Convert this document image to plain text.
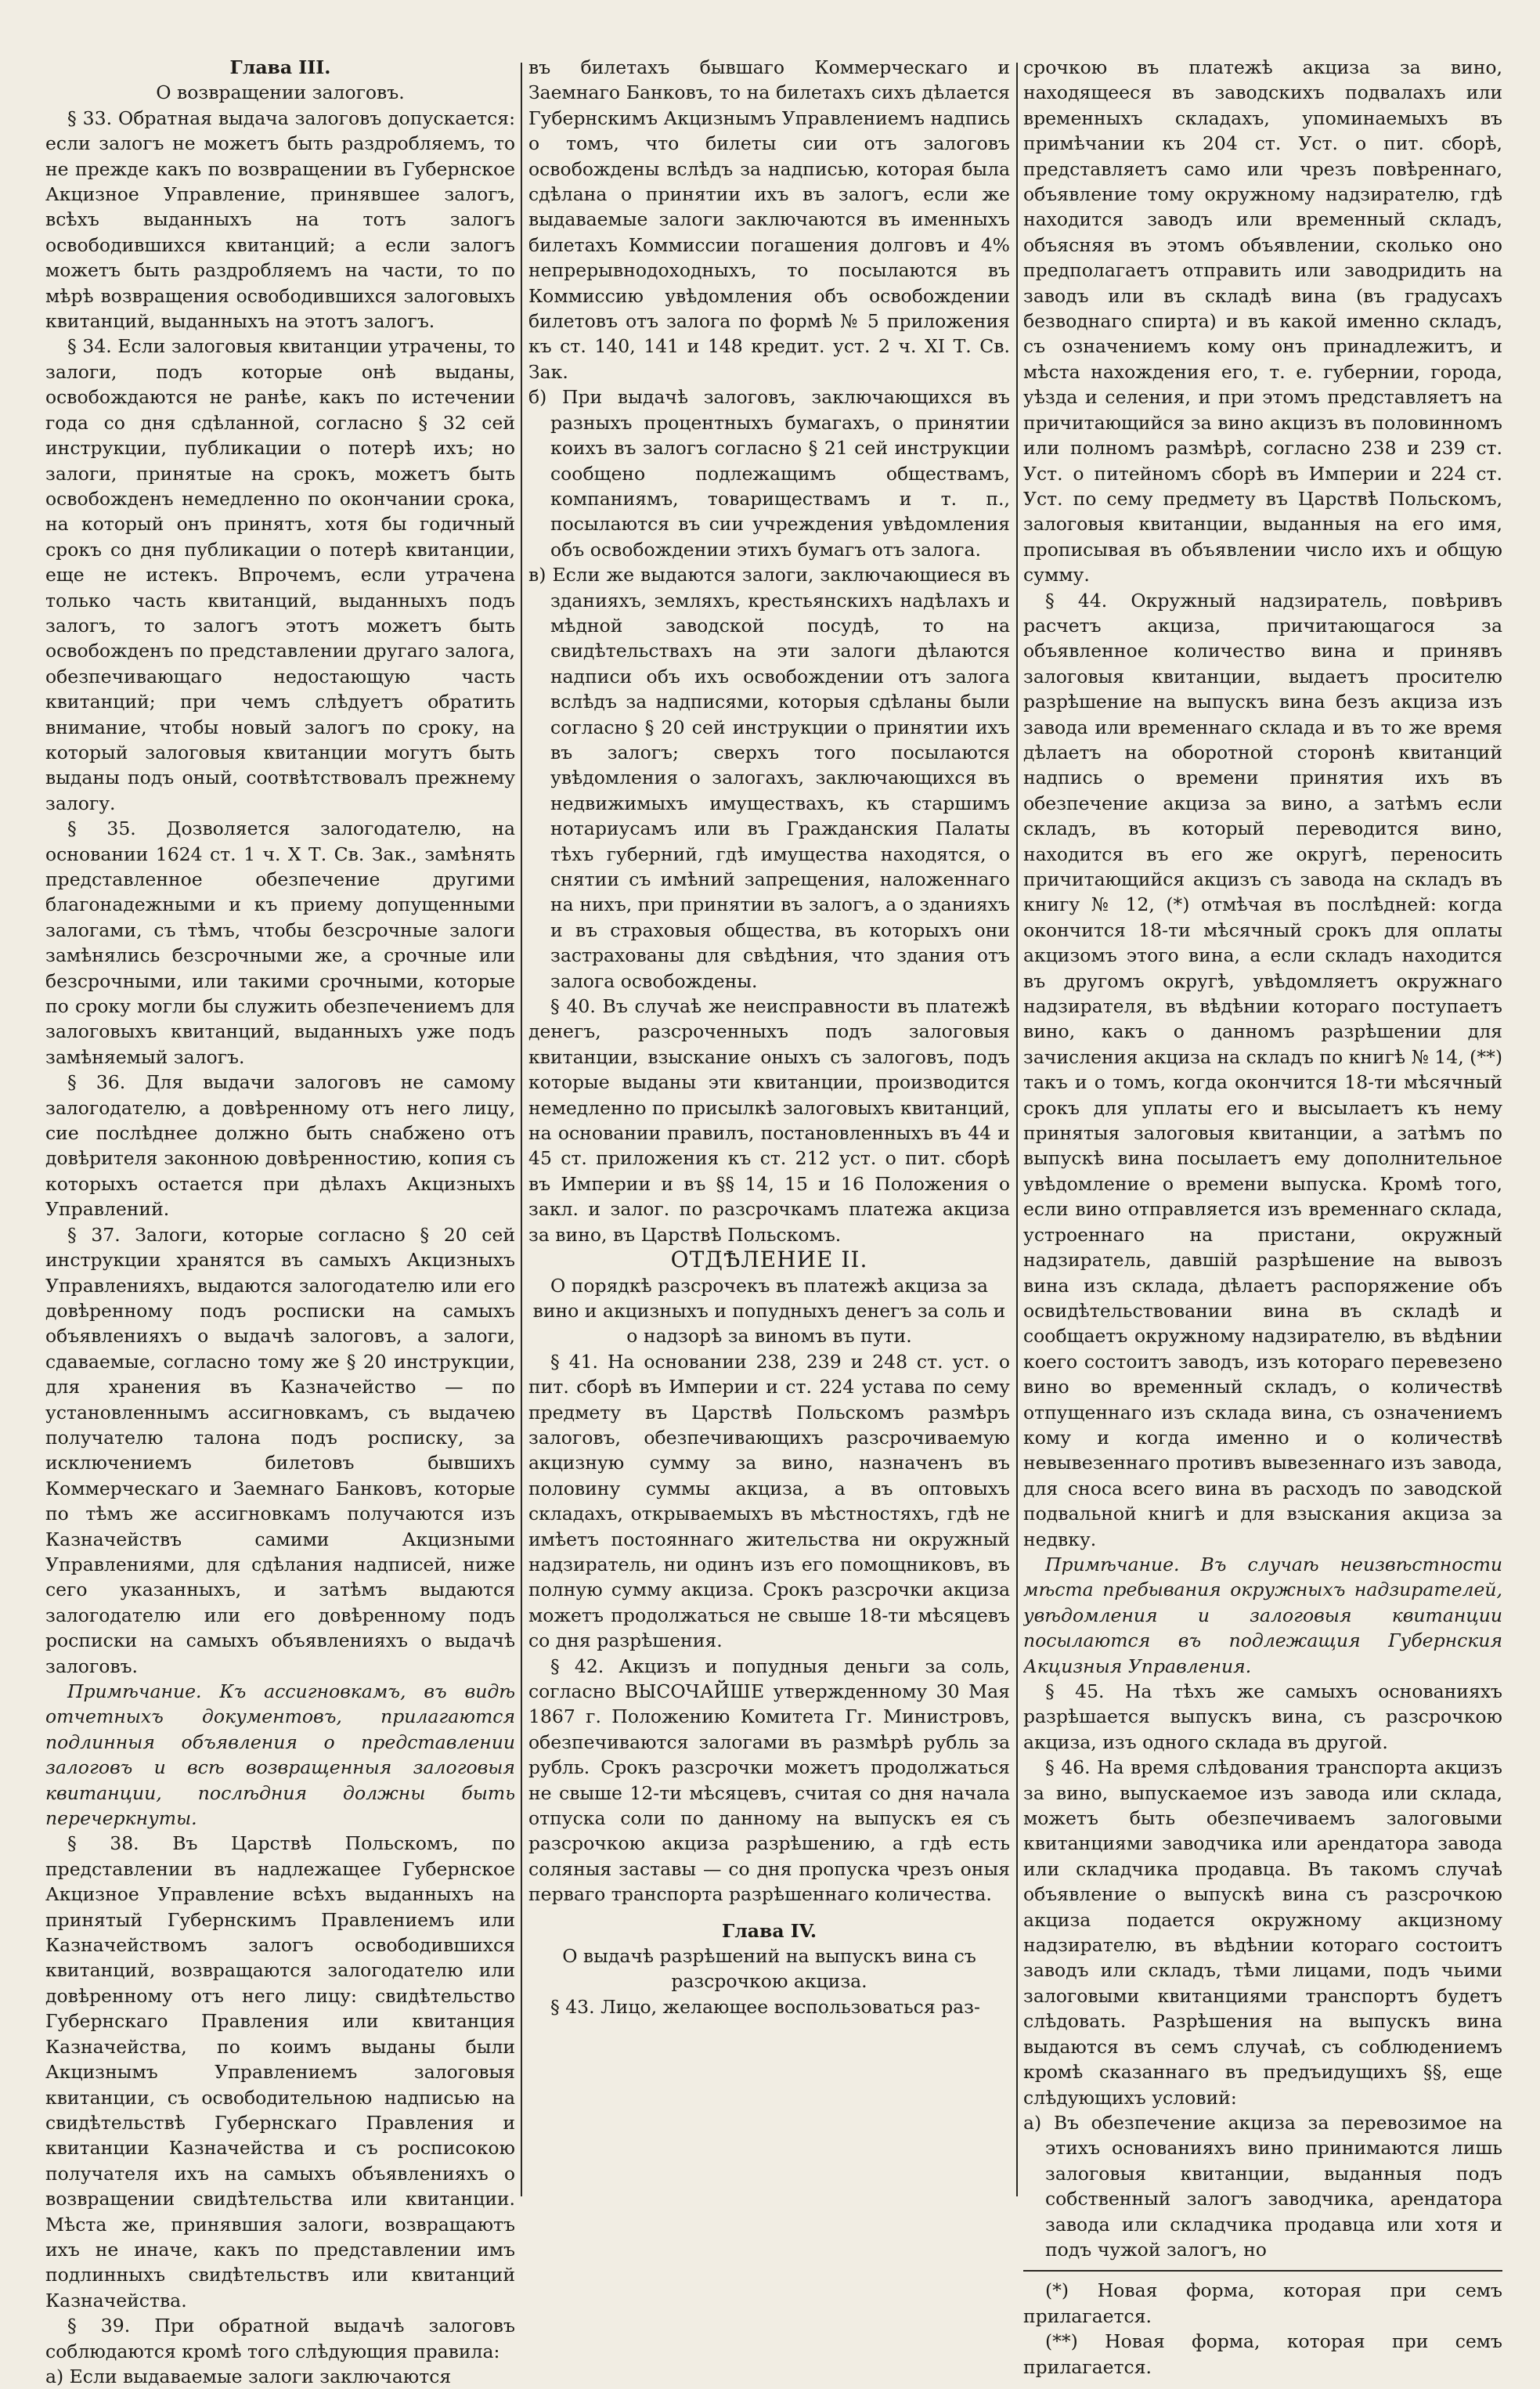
Глава III.

О возвращении залоговъ.

§ 33. Обратная выдача залоговъ допускается: если залогъ не можетъ быть раздробляемъ, то не прежде какъ по возвращении въ Губернское Акцизное Управление, принявшее залогъ, всѣхъ выданныхъ на тотъ залогъ освободившихся квитанций; а если залогъ можетъ быть раздробляемъ на части, то по мѣрѣ возвращения освободившихся залоговыхъ квитанций, выданныхъ на этотъ залогъ.

§ 34. Если залоговыя квитанции утрачены, то залоги, подъ которые онѣ выданы, освобождаются не ранѣе, какъ по истечении года со дня сдѣланной, согласно § 32 сей инструкции, публикации о потерѣ ихъ; но залоги, принятые на срокъ, можетъ быть освобожденъ немедленно по окончании срока, на который онъ принятъ, хотя бы годичный срокъ со дня публикации о потерѣ квитанции, еще не истекъ. Впрочемъ, если утрачена только часть квитанций, выданныхъ подъ залогъ, то залогъ этотъ можетъ быть освобожденъ по представлении другаго залога, обезпечивающаго недостающую часть квитанций; при чемъ слѣдуетъ обратить внимание, чтобы новый залогъ по сроку, на который залоговыя квитанции могутъ быть выданы подъ оный, соотвѣтствовалъ прежнему залогу.

§ 35. Дозволяется залогодателю, на основании 1624 ст. 1 ч. X Т. Св. Зак., замѣнять представленное обезпечение другими благонадежными и къ приему допущенными залогами, съ тѣмъ, чтобы безсрочные залоги замѣнялись безсрочными же, а срочные или безсрочными, или такими срочными, которые по сроку могли бы служить обезпечениемъ для залоговыхъ квитанций, выданныхъ уже подъ замѣняемый залогъ.

§ 36. Для выдачи залоговъ не самому залогодателю, а довѣренному отъ него лицу, сие послѣднее должно быть снабжено отъ довѣрителя законною довѣренностию, копия съ которыхъ остается при дѣлахъ Акцизныхъ Управлений.

§ 37. Залоги, которые согласно § 20 сей инструкции хранятся въ самыхъ Акцизныхъ Управленияхъ, выдаются залогодателю или его довѣренному подъ росписки на самыхъ объявленияхъ о выдачѣ залоговъ, а залоги, сдаваемые, согласно тому же § 20 инструкции, для хранения въ Казначейство — по установленнымъ ассигновкамъ, съ выдачею получателю талона подъ росписку, за исключениемъ билетовъ бывшихъ Коммерческаго и Заемнаго Банковъ, которые по тѣмъ же ассигновкамъ получаются изъ Казначействъ самими Акцизными Управлениями, для сдѣлания надписей, ниже сего указанныхъ, и затѣмъ выдаются залогодателю или его довѣренному подъ росписки на самыхъ объявленияхъ о выдачѣ залоговъ.

Примѣчание. Къ ассигновкамъ, въ видѣ отчетныхъ документовъ, прилагаются подлинныя объявления о представлении залоговъ и всѣ возвращенныя залоговыя квитанции, послѣдния должны быть перечеркнуты.

§ 38. Въ Царствѣ Польскомъ, по представлении въ надлежащее Губернское Акцизное Управление всѣхъ выданныхъ на принятый Губернскимъ Правлениемъ или Казначействомъ залогъ освободившихся квитанций, возвращаются залогодателю или довѣренному отъ него лицу: свидѣтельство Губернскаго Правления или квитанция Казначейства, по коимъ выданы были Акцизнымъ Управлениемъ залоговыя квитанции, съ освободительною надписью на свидѣтельствѣ Губернскаго Правления и квитанции Казначейства и съ росписокою получателя ихъ на самыхъ объявленияхъ о возвращении свидѣтельства или квитанции. Мѣста же, принявшия залоги, возвращаютъ ихъ не иначе, какъ по представлении имъ подлинныхъ свидѣтельствъ или квитанций Казначейства.

§ 39. При обратной выдачѣ залоговъ соблюдаются кромѣ того слѣдующия правила:

а) Если выдаваемые залоги заключаются

въ билетахъ бывшаго Коммерческаго и Заемнаго Банковъ, то на билетахъ сихъ дѣлается Губернскимъ Акцизнымъ Управлениемъ надпись о томъ, что билеты сии отъ залоговъ освобождены вслѣдъ за надписью, которая была сдѣлана о принятии ихъ въ залогъ, если же выдаваемые залоги заключаются въ именныхъ билетахъ Коммиссии погашения долговъ и 4% непрерывнодоходныхъ, то посылаются въ Коммиссию увѣдомления объ освобождении билетовъ отъ залога по формѣ № 5 приложения къ ст. 140, 141 и 148 кредит. уст. 2 ч. XI Т. Св. Зак.

б) При выдачѣ залоговъ, заключающихся въ разныхъ процентныхъ бумагахъ, о принятии коихъ въ залогъ согласно § 21 сей инструкции сообщено подлежащимъ обществамъ, компаниямъ, товариществамъ и т. п., посылаются въ сии учреждения увѣдомления объ освобождении этихъ бумагъ отъ залога.

в) Если же выдаются залоги, заключающиеся въ зданияхъ, земляхъ, крестьянскихъ надѣлахъ и мѣдной заводской посудѣ, то на свидѣтельствахъ на эти залоги дѣлаются надписи объ ихъ освобождении отъ залога вслѣдъ за надписями, которыя сдѣланы были согласно § 20 сей инструкции о принятии ихъ въ залогъ; сверхъ того посылаются увѣдомления о залогахъ, заключающихся въ недвижимыхъ имуществахъ, къ старшимъ нотариусамъ или въ Гражданския Палаты тѣхъ губерний, гдѣ имущества находятся, о снятии съ имѣний запрещения, наложеннаго на нихъ, при принятии въ залогъ, а о зданияхъ и въ страховыя общества, въ которыхъ они застрахованы для свѣдѣния, что здания отъ залога освобождены.

§ 40. Въ случаѣ же неисправности въ платежѣ денегъ, разсроченныхъ подъ залоговыя квитанции, взыскание оныхъ съ залоговъ, подъ которые выданы эти квитанции, производится немедленно по присылкѣ залоговыхъ квитанций, на основании правилъ, постановленныхъ въ 44 и 45 ст. приложения къ ст. 212 уст. о пит. сборѣ въ Империи и въ §§ 14, 15 и 16 Положения о закл. и залог. по разсрочкамъ платежа акциза за вино, въ Царствѣ Польскомъ.

ОТДѢЛЕНИЕ II.

О порядкѣ разсрочекъ въ платежѣ акциза за вино и акцизныхъ и попудныхъ денегъ за соль и о надзорѣ за виномъ въ пути.

§ 41. На основании 238, 239 и 248 ст. уст. о пит. сборѣ въ Империи и ст. 224 устава по сему предмету въ Царствѣ Польскомъ размѣръ залоговъ, обезпечивающихъ разсрочиваемую акцизную сумму за вино, назначенъ въ половину суммы акциза, а въ оптовыхъ складахъ, открываемыхъ въ мѣстностяхъ, гдѣ не имѣетъ постояннаго жительства ни окружный надзиратель, ни одинъ изъ его помощниковъ, въ полную сумму акциза. Срокъ разсрочки акциза можетъ продолжаться не свыше 18-ти мѣсяцевъ со дня разрѣшения.

§ 42. Акцизъ и попудныя деньги за соль, согласно ВЫСОЧАЙШЕ утвержденному 30 Мая 1867 г. Положению Комитета Гг. Министровъ, обезпечиваются залогами въ размѣрѣ рубль за рубль. Срокъ разсрочки можетъ продолжаться не свыше 12-ти мѣсяцевъ, считая со дня начала отпуска соли по данному на выпускъ ея съ разсрочкою акциза разрѣшению, а гдѣ есть соляныя заставы — со дня пропуска чрезъ оныя перваго транспорта разрѣшеннаго количества.

Глава IV.

О выдачѣ разрѣшений на выпускъ вина съ разсрочкою акциза.

§ 43. Лицо, желающее воспользоваться раз-

срочкою въ платежѣ акциза за вино, находящееся въ заводскихъ подвалахъ или временныхъ складахъ, упоминаемыхъ въ примѣчании къ 204 ст. Уст. о пит. сборѣ, представляетъ само или чрезъ повѣреннаго, объявление тому окружному надзирателю, гдѣ находится заводъ или временный складъ, объясняя въ этомъ объявлении, сколько оно предполагаетъ отправить или заводридить на заводъ или въ складѣ вина (въ градусахъ безводнаго спирта) и въ какой именно складъ, съ означениемъ кому онъ принадлежитъ, и мѣста нахождения его, т. е. губернии, города, уѣзда и селения, и при этомъ представляетъ на причитающийся за вино акцизъ въ половинномъ или полномъ размѣрѣ, согласно 238 и 239 ст. Уст. о питейномъ сборѣ въ Империи и 224 ст. Уст. по сему предмету въ Царствѣ Польскомъ, залоговыя квитанции, выданныя на его имя, прописывая въ объявлении число ихъ и общую сумму.

§ 44. Окружный надзиратель, повѣривъ расчетъ акциза, причитающагося за объявленное количество вина и принявъ залоговыя квитанции, выдаетъ просителю разрѣшение на выпускъ вина безъ акциза изъ завода или временнаго склада и въ то же время дѣлаетъ на оборотной сторонѣ квитанций надпись о времени принятия ихъ въ обезпечение акциза за вино, а затѣмъ если складъ, въ который переводится вино, находится въ его же округѣ, переносить причитающийся акцизъ съ завода на складъ въ книгу № 12, (*) отмѣчая въ послѣдней: когда окончится 18-ти мѣсячный срокъ для оплаты акцизомъ этого вина, а если складъ находится въ другомъ округѣ, увѣдомляетъ окружнаго надзирателя, въ вѣдѣнии котораго поступаетъ вино, какъ о данномъ разрѣшении для зачисления акциза на складъ по книгѣ № 14, (**) такъ и о томъ, когда окончится 18-ти мѣсячный срокъ для уплаты его и высылаетъ къ нему принятыя залоговыя квитанции, а затѣмъ по выпускѣ вина посылаетъ ему дополнительное увѣдомление о времени выпуска. Кромѣ того, если вино отправляется изъ временнаго склада, устроеннаго на пристани, окружный надзиратель, давшій разрѣшение на вывозъ вина изъ склада, дѣлаетъ распоряжение объ освидѣтельствовании вина въ складѣ и сообщаетъ окружному надзирателю, въ вѣдѣнии коего состоитъ заводъ, изъ котораго перевезено вино во временный складъ, о количествѣ отпущеннаго изъ склада вина, съ означениемъ кому и когда именно и о количествѣ невывезеннаго противъ вывезеннаго изъ завода, для сноса всего вина въ расходъ по заводской подвальной книгѣ и для взыскания акциза за недвку.

Примѣчание. Въ случаѣ неизвѣстности мѣста пребывания окружныхъ надзирателей, увѣдомления и залоговыя квитанции посылаются въ подлежащия Губернския Акцизныя Управления.

§ 45. На тѣхъ же самыхъ основанияхъ разрѣшается выпускъ вина, съ разсрочкою акциза, изъ одного склада въ другой.

§ 46. На время слѣдования транспорта акцизъ за вино, выпускаемое изъ завода или склада, можетъ быть обезпечиваемъ залоговыми квитанциями заводчика или арендатора завода или складчика продавца. Въ такомъ случаѣ объявление о выпускѣ вина съ разсрочкою акциза подается окружному акцизному надзирателю, въ вѣдѣнии котораго состоитъ заводъ или складъ, тѣми лицами, подъ чьими залоговыми квитанциями транспортъ будетъ слѣдовать. Разрѣшения на выпускъ вина выдаются въ семъ случаѣ, съ соблюдениемъ кромѣ сказаннаго въ предъидущихъ §§, еще слѣдующихъ условий:

а) Въ обезпечение акциза за перевозимое на этихъ основанияхъ вино принимаются лишь залоговыя квитанции, выданныя подъ собственный залогъ заводчика, арендатора завода или складчика продавца или хотя и подъ чужой залогъ, но

(*) Новая форма, которая при семъ прилагается.

(**) Новая форма, которая при семъ прилагается.
